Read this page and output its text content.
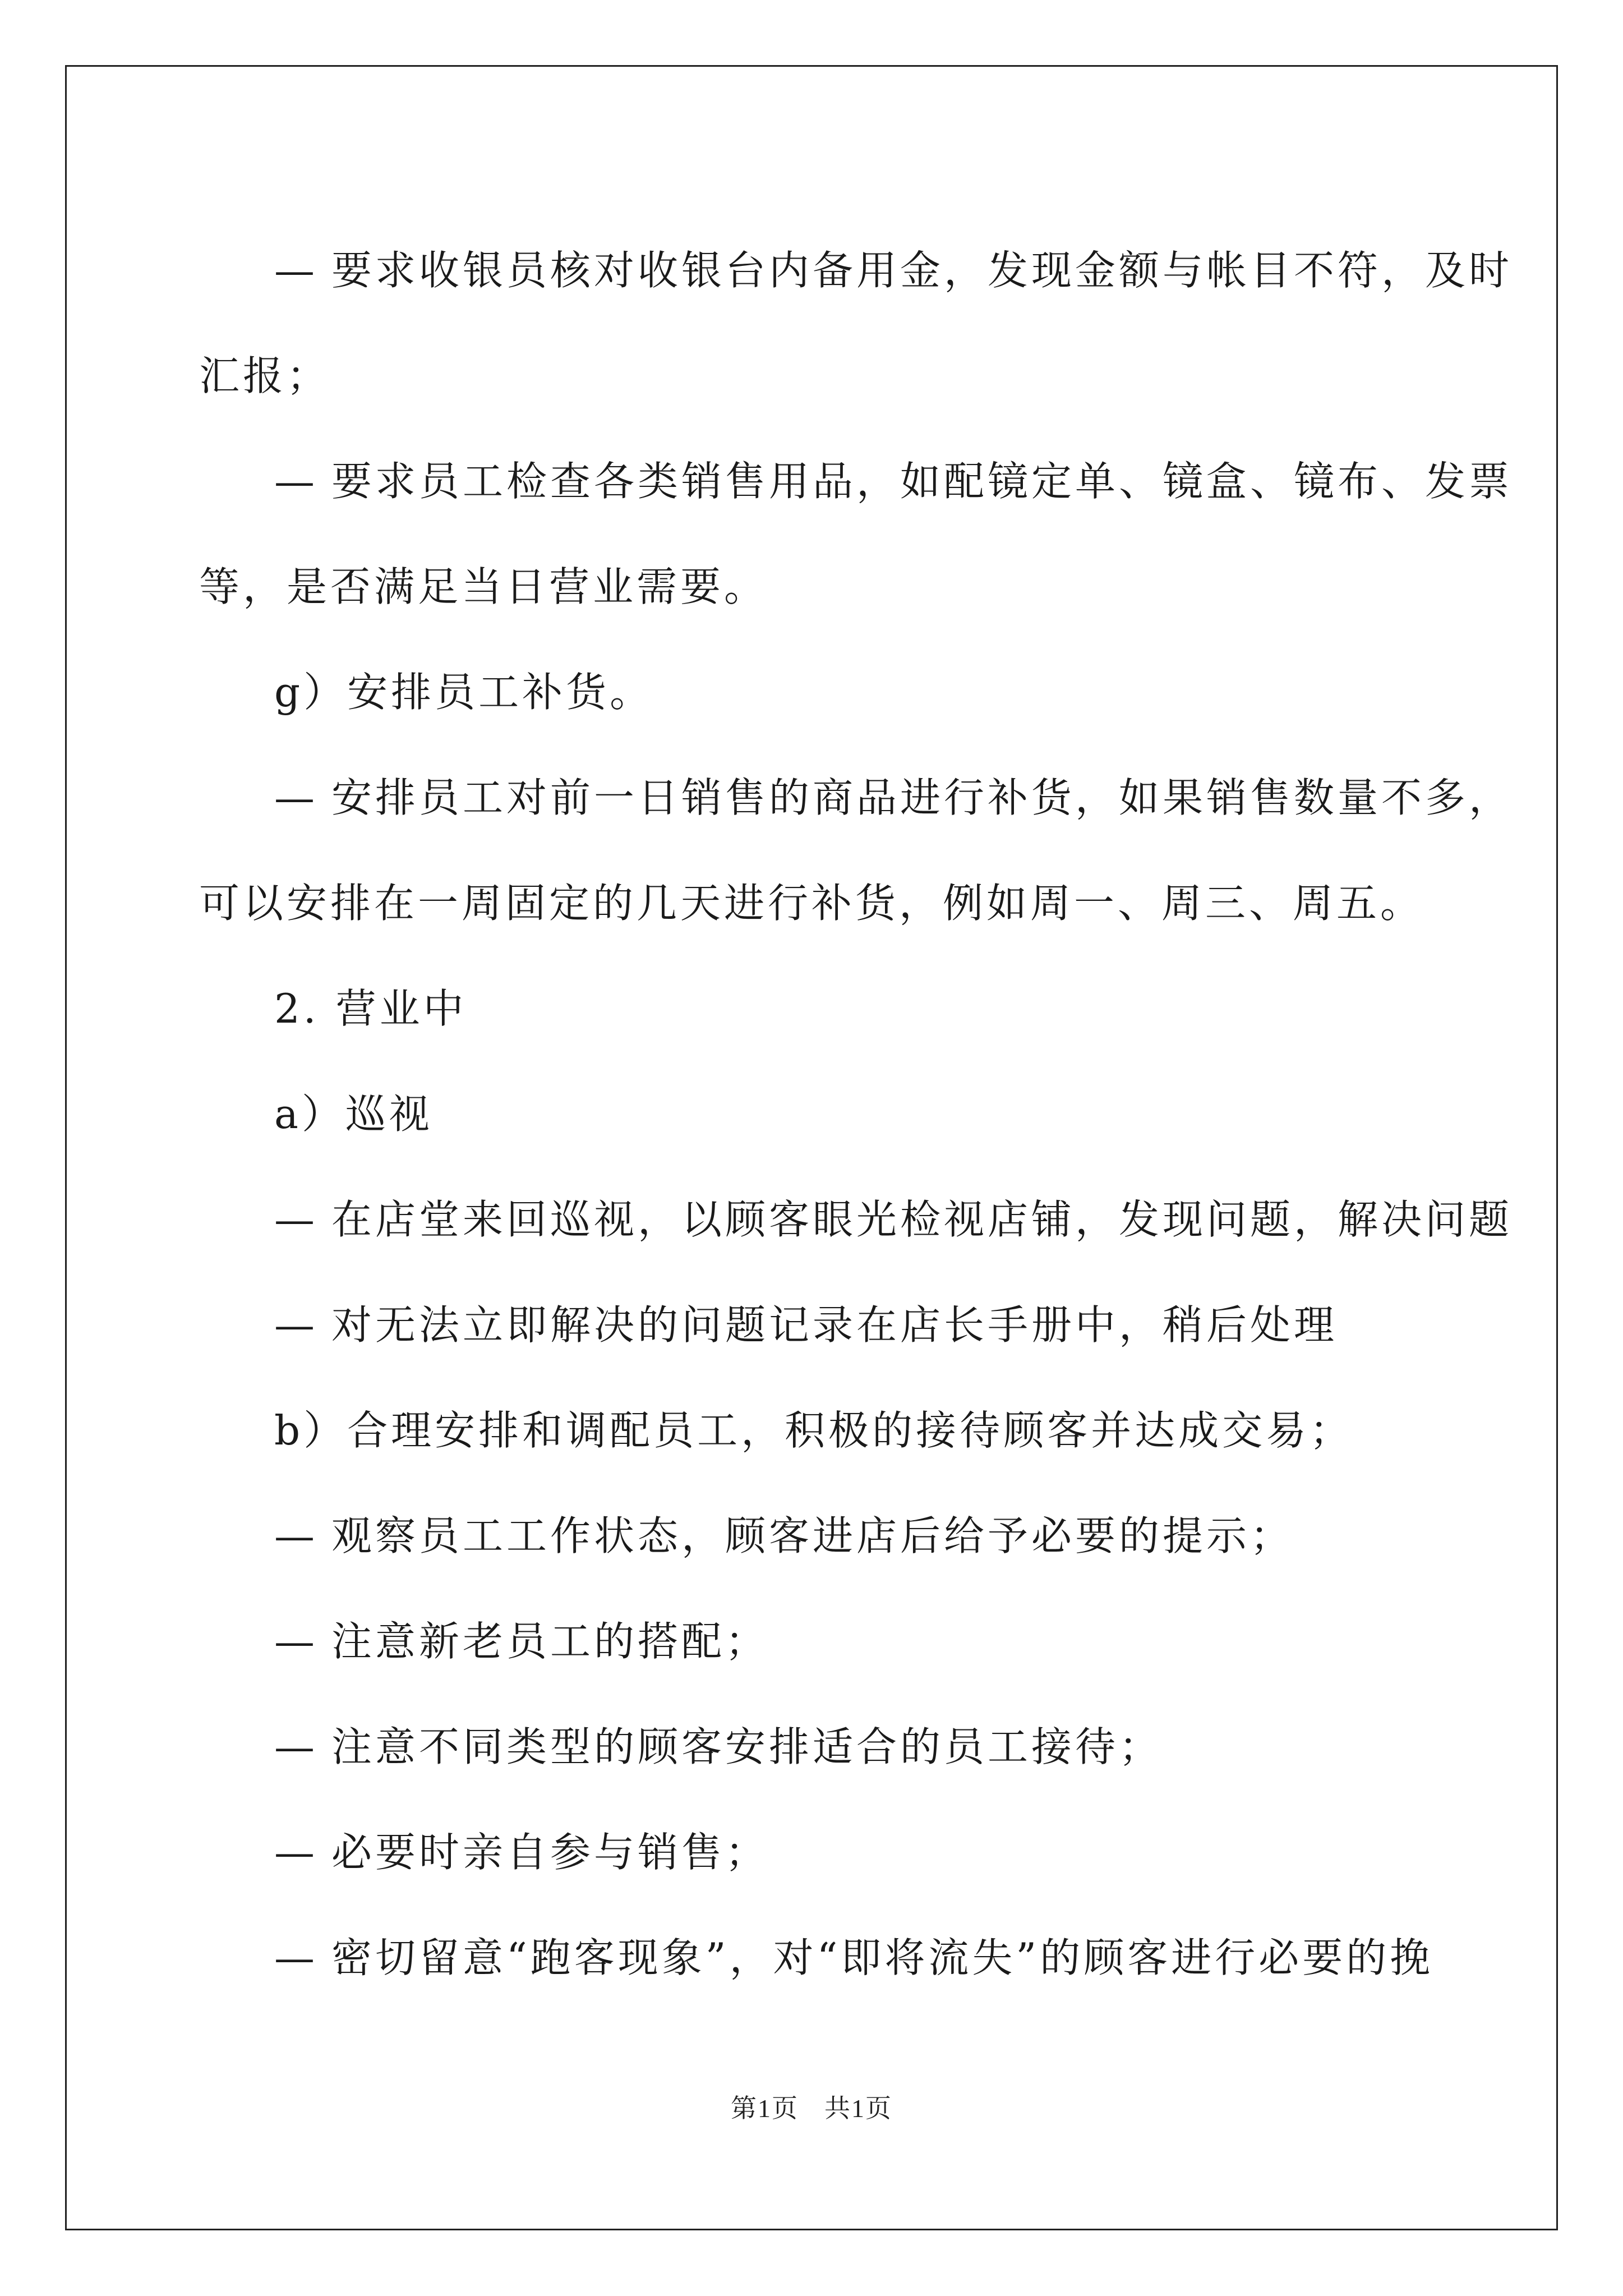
— 要求收银员核对收银台内备用金，发现金额与帐目不符，及时

汇报；

— 要求员工检查各类销售用品，如配镜定单、镜盒、镜布、发票

等，是否满足当日营业需要。

g）安排员工补货。

— 安排员工对前一日销售的商品进行补货，如果销售数量不多，

可以安排在一周固定的几天进行补货，例如周一、周三、周五。

2. 营业中

a）巡视

— 在店堂来回巡视，以顾客眼光检视店铺，发现问题，解决问题

— 对无法立即解决的问题记录在店长手册中，稍后处理

b）合理安排和调配员工，积极的接待顾客并达成交易；

— 观察员工工作状态，顾客进店后给予必要的提示；

— 注意新老员工的搭配；

— 注意不同类型的顾客安排适合的员工接待；

— 必要时亲自参与销售；

— 密切留意“跑客现象”，对“即将流失”的顾客进行必要的挽

第1页 共1页
